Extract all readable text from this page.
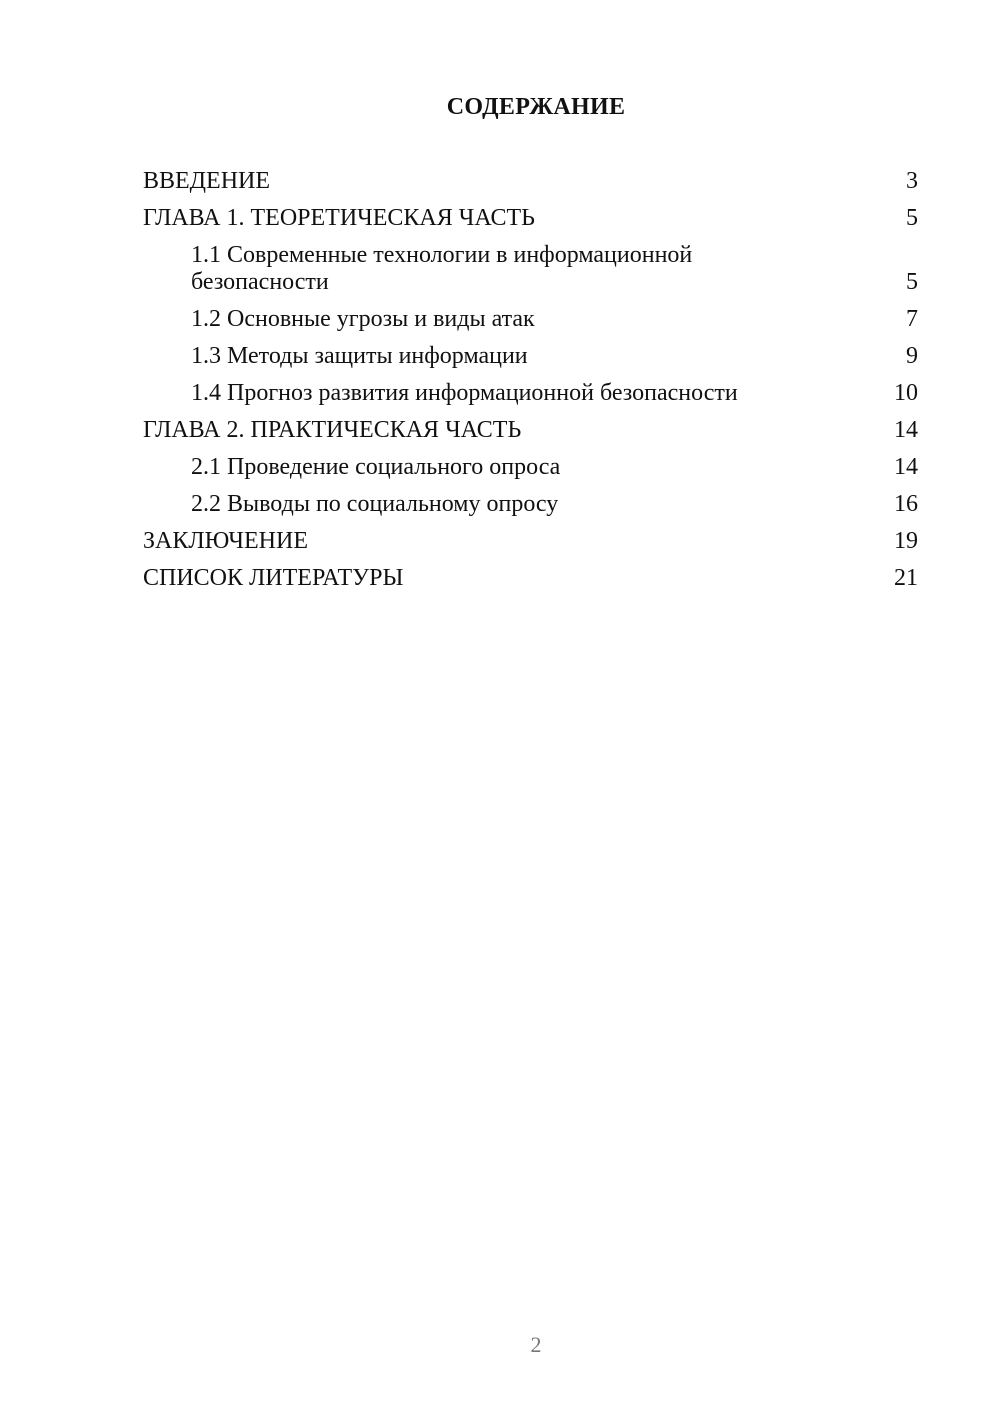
СОДЕРЖАНИЕ
ВВЕДЕНИЕ	3
ГЛАВА 1. ТЕОРЕТИЧЕСКАЯ ЧАСТЬ	5
1.1 Современные технологии в информационной безопасности	5
1.2 Основные угрозы и виды атак	7
1.3 Методы защиты информации	9
1.4 Прогноз развития информационной безопасности	10
ГЛАВА 2. ПРАКТИЧЕСКАЯ ЧАСТЬ	14
2.1 Проведение социального опроса	14
2.2 Выводы по социальному опросу	16
ЗАКЛЮЧЕНИЕ	19
СПИСОК ЛИТЕРАТУРЫ	21
2
